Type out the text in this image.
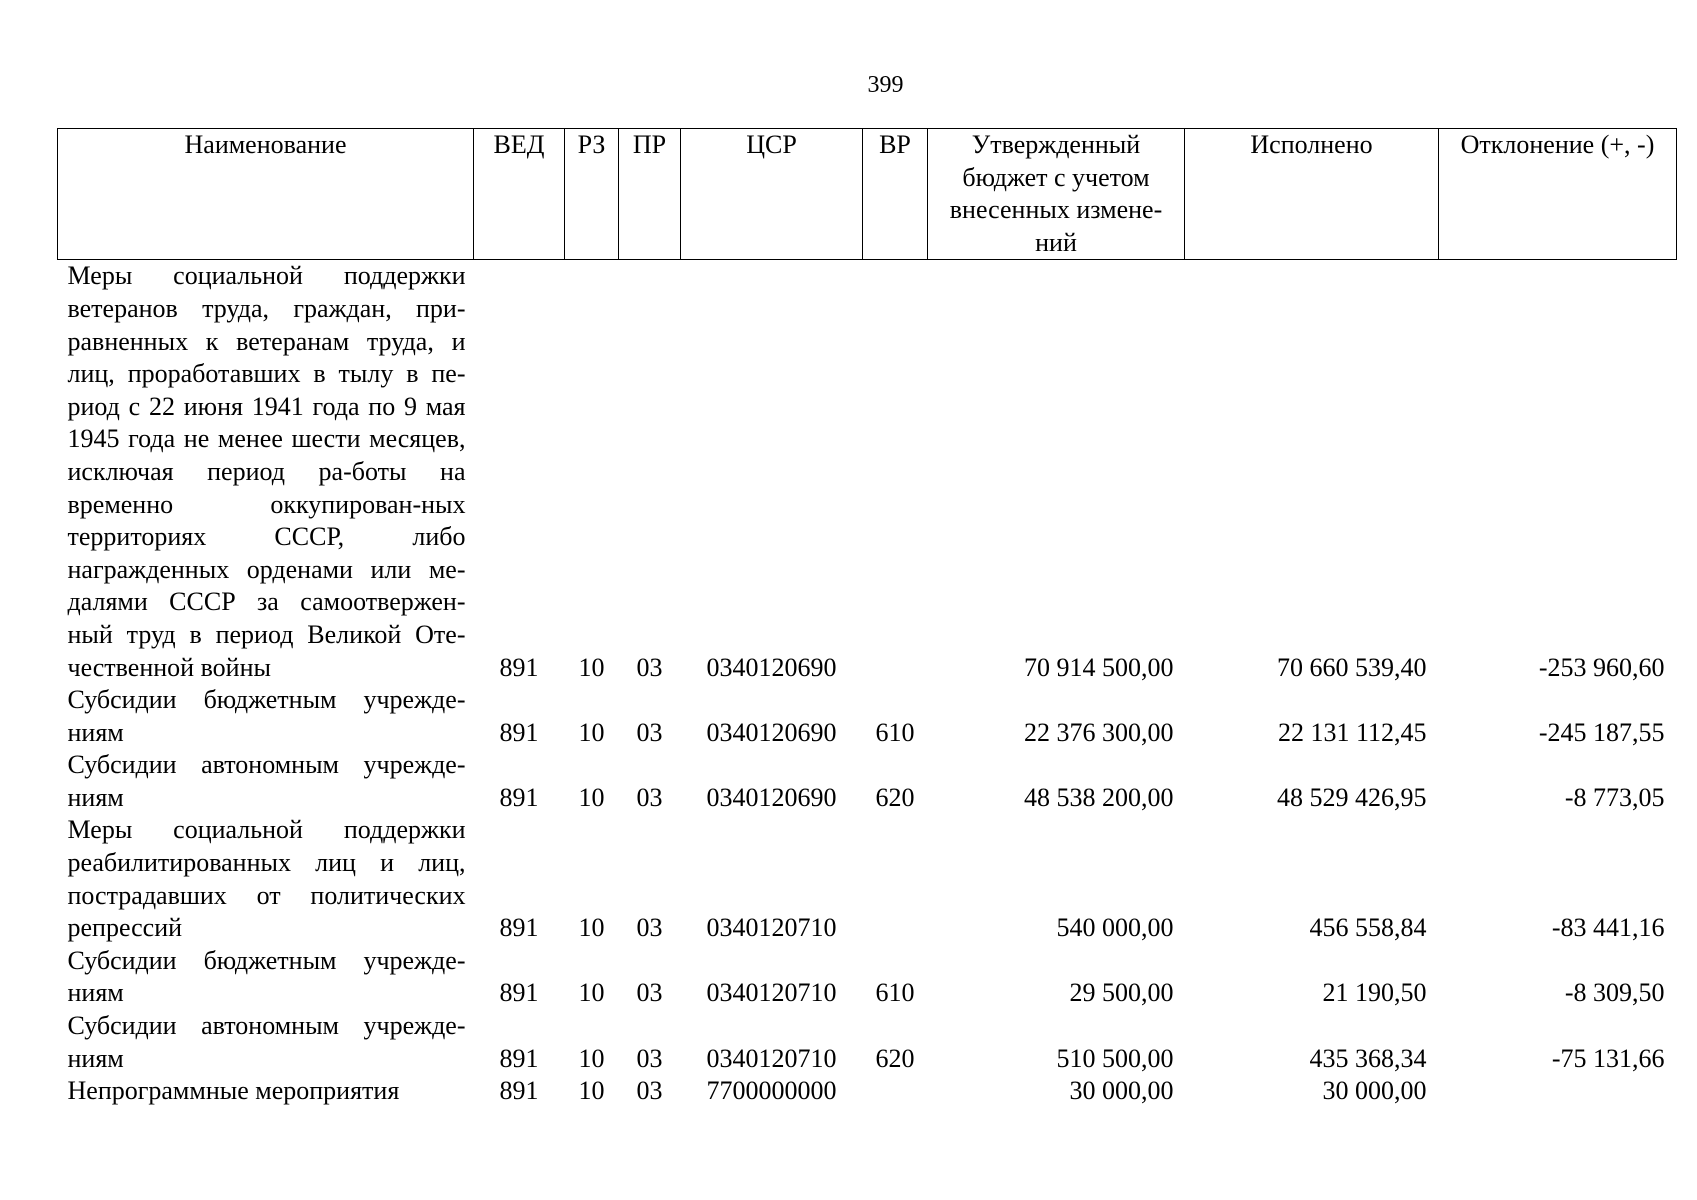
399
Наименование	ВЕД	РЗ	ПР	ЦСР	ВР	Утвержденный бюджет с учетом внесенных измене-ний	Исполнено	Отклонение (+, -)
Меры социальной поддержки ветеранов труда, граждан, при-равненных к ветеранам труда, и лиц, проработавших в тылу в пе-риод с 22 июня 1941 года по 9 мая 1945 года не менее шести месяцев, исключая период ра-боты на временно оккупирован-ных территориях СССР, либо награжденных орденами или ме-далями СССР за самоотвержен-ный труд в период Великой Оте-чественной войны	891	10	03	0340120690		70 914 500,00	70 660 539,40	-253 960,60
Субсидии бюджетным учрежде-ниям	891	10	03	0340120690	610	22 376 300,00	22 131 112,45	-245 187,55
Субсидии автономным учрежде-ниям	891	10	03	0340120690	620	48 538 200,00	48 529 426,95	-8 773,05
Меры социальной поддержки реабилитированных лиц и лиц, пострадавших от политических репрессий	891	10	03	0340120710		540 000,00	456 558,84	-83 441,16
Субсидии бюджетным учрежде-ниям	891	10	03	0340120710	610	29 500,00	21 190,50	-8 309,50
Субсидии автономным учрежде-ниям	891	10	03	0340120710	620	510 500,00	435 368,34	-75 131,66
Непрограммные мероприятия	891	10	03	7700000000		30 000,00	30 000,00	
